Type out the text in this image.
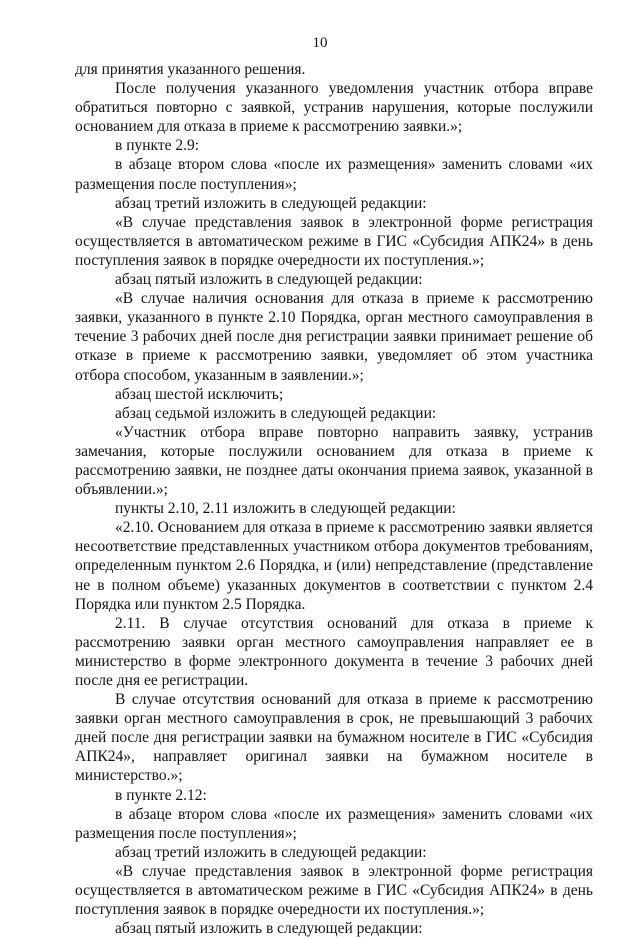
10

для принятия указанного решения.

После получения указанного уведомления участник отбора вправе обратиться повторно с заявкой, устранив нарушения, которые послужили основанием для отказа в приеме к рассмотрению заявки.»;

в пункте 2.9:

в абзаце втором слова «после их размещения» заменить словами «их размещения после поступления»;

абзац третий изложить в следующей редакции:

«В случае представления заявок в электронной форме регистрация осуществляется в автоматическом режиме в ГИС «Субсидия АПК24» в день поступления заявок в порядке очередности их поступления.»;

абзац пятый изложить в следующей редакции:

«В случае наличия основания для отказа в приеме к рассмотрению заявки, указанного в пункте 2.10 Порядка, орган местного самоуправления в течение 3 рабочих дней после дня регистрации заявки принимает решение об отказе в приеме к рассмотрению заявки, уведомляет об этом участника отбора способом, указанным в заявлении.»;

абзац шестой исключить;

абзац седьмой изложить в следующей редакции:

«Участник отбора вправе повторно направить заявку, устранив замечания, которые послужили основанием для отказа в приеме к рассмотрению заявки, не позднее даты окончания приема заявок, указанной в объявлении.»;

пункты 2.10, 2.11 изложить в следующей редакции:

«2.10. Основанием для отказа в приеме к рассмотрению заявки является несоответствие представленных участником отбора документов требованиям, определенным пунктом 2.6 Порядка, и (или) непредставление (представление не в полном объеме) указанных документов в соответствии с пунктом 2.4 Порядка или пунктом 2.5 Порядка.

2.11. В случае отсутствия оснований для отказа в приеме к рассмотрению заявки орган местного самоуправления направляет ее в министерство в форме электронного документа в течение 3 рабочих дней после дня ее регистрации.

В случае отсутствия оснований для отказа в приеме к рассмотрению заявки орган местного самоуправления в срок, не превышающий 3 рабочих дней после дня регистрации заявки на бумажном носителе в ГИС «Субсидия АПК24», направляет оригинал заявки на бумажном носителе в министерство.»;

в пункте 2.12:

в абзаце втором слова «после их размещения» заменить словами «их размещения после поступления»;

абзац третий изложить в следующей редакции:

«В случае представления заявок в электронной форме регистрация осуществляется в автоматическом режиме в ГИС «Субсидия АПК24» в день поступления заявок в порядке очередности их поступления.»;

абзац пятый изложить в следующей редакции:
